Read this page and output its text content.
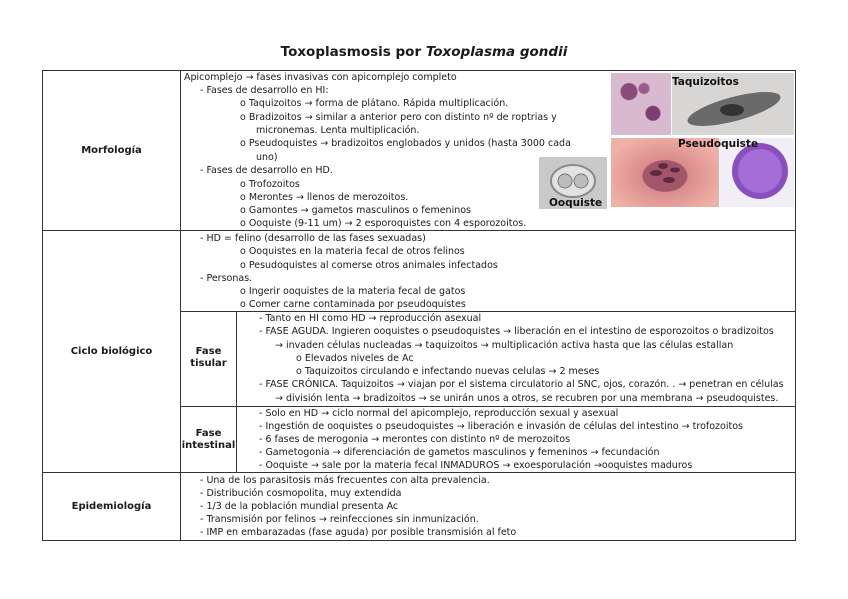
Toxoplasmosis por Toxoplasma gondii
Morfología
Ciclo biológico
Epidemiología
Fase tisular
Fase intestinal
Apicomplejo → fases invasivas con apicomplejo completo
- Fases de desarrollo en HI:
o Taquizoitos → forma de plátano. Rápida multiplicación.
o Bradizoitos → similar a anterior pero con distinto nº de roptrias y
micronemas. Lenta multiplicación.
o Pseudoquistes → bradizoitos englobados y unidos (hasta 3000 cada
uno)
- Fases de desarrollo en HD.
o Trofozoitos
o Merontes → llenos de merozoitos.
o Gamontes → gametos masculinos o femeninos
o Ooquiste (9-11 um) → 2 esporoquistes con 4 esporozoitos.
Taquizoitos
Pseudoquiste
Ooquiste
- HD = felino (desarrollo de las fases sexuadas)
o Ooquistes en la materia fecal de otros felinos
o Pesudoquistes al comerse otros animales infectados
- Personas.
o Ingerir ooquistes de la materia fecal de gatos
o Comer carne contaminada por pseudoquistes
- Tanto en HI como HD → reproducción asexual
- FASE AGUDA. Ingieren ooquistes o pseudoquistes → liberación en el intestino de esporozoitos o bradizoitos
→ invaden células nucleadas → taquizoitos → multiplicación activa hasta que las células estallan
o Elevados niveles de Ac
o Taquizoitos circulando e infectando nuevas celulas → 2 meses
- FASE CRÓNICA. Taquizoitos → viajan por el sistema circulatorio al SNC, ojos, corazón. . → penetran en células
→ división lenta → bradizoitos → se unirán unos a otros, se recubren por una membrana → pseudoquistes.
- Solo en HD → ciclo normal del apicomplejo, reproducción sexual y asexual
- Ingestión de ooquistes o pseudoquistes → liberación e invasión de células del intestino → trofozoitos
- 6 fases de merogonia → merontes con distinto nº de merozoitos
- Gametogonia → diferenciación de gametos masculinos y femeninos → fecundación
- Ooquiste → sale por la materia fecal INMADUROS → exoesporulación →ooquistes maduros
- Una de los parasitosis más frecuentes con alta prevalencia.
- Distribución cosmopolita, muy extendida
- 1/3 de la población mundial presenta Ac
- Transmisión por felinos → reinfecciones sin inmunización.
- IMP en embarazadas (fase aguda) por posible transmisión al feto
